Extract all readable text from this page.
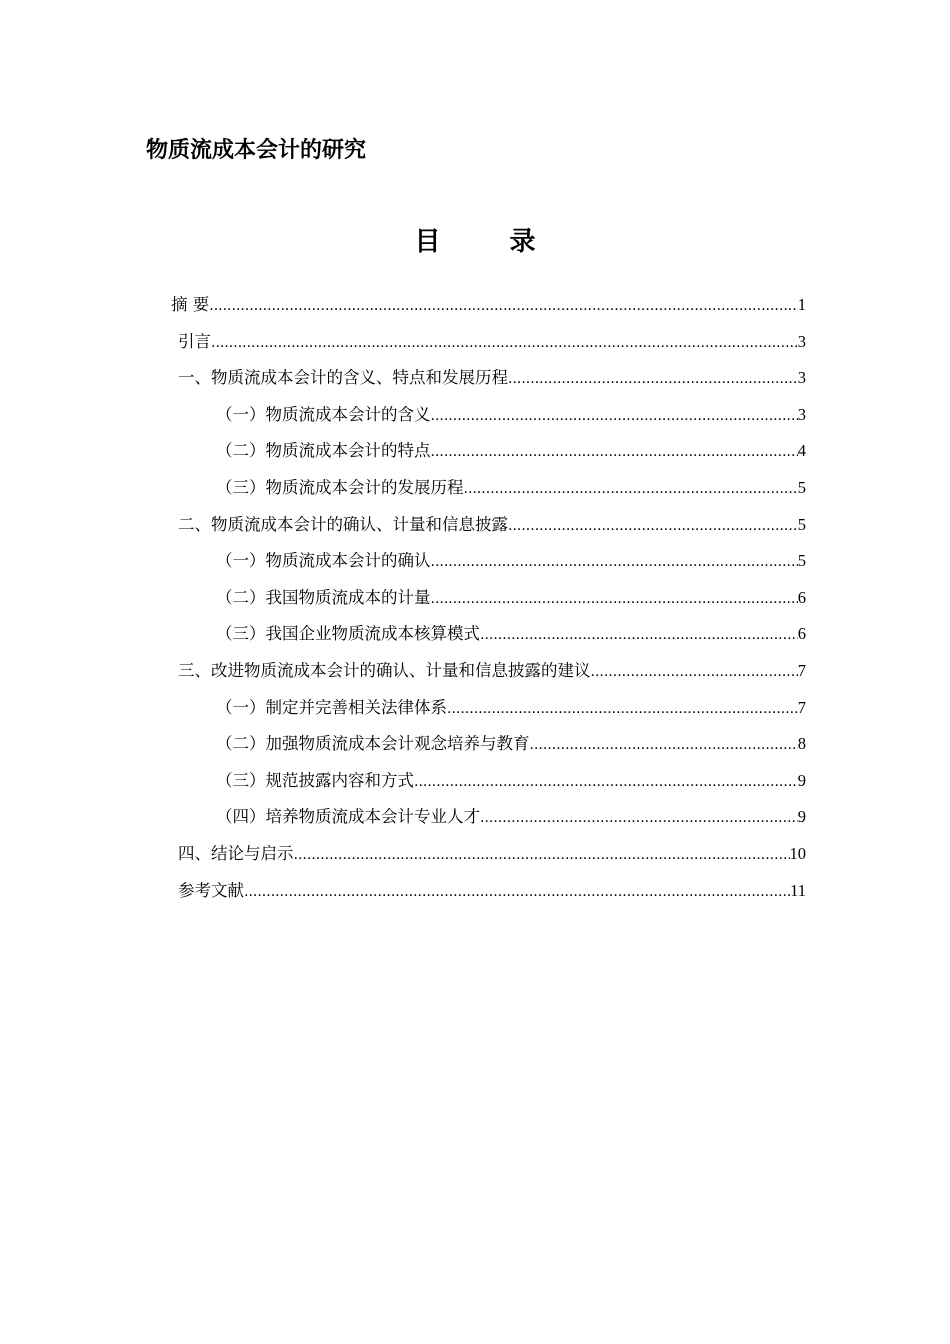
物质流成本会计的研究
目 录
摘 要 .....	1
引言 .....	3
一、物质流成本会计的含义、特点和发展历程 .....	3
（一）物质流成本会计的含义 .....	3
（二）物质流成本会计的特点 .....	4
（三）物质流成本会计的发展历程 .....	5
二、物质流成本会计的确认、计量和信息披露 .....	5
（一）物质流成本会计的确认 .....	5
（二）我国物质流成本的计量 .....	6
（三）我国企业物质流成本核算模式 .....	6
三、改进物质流成本会计的确认、计量和信息披露的建议 .....	7
（一）制定并完善相关法律体系 .....	7
（二）加强物质流成本会计观念培养与教育 .....	8
（三）规范披露内容和方式 .....	9
（四）培养物质流成本会计专业人才 .....	9
四、结论与启示 .....	10
参考文献 .....	11
